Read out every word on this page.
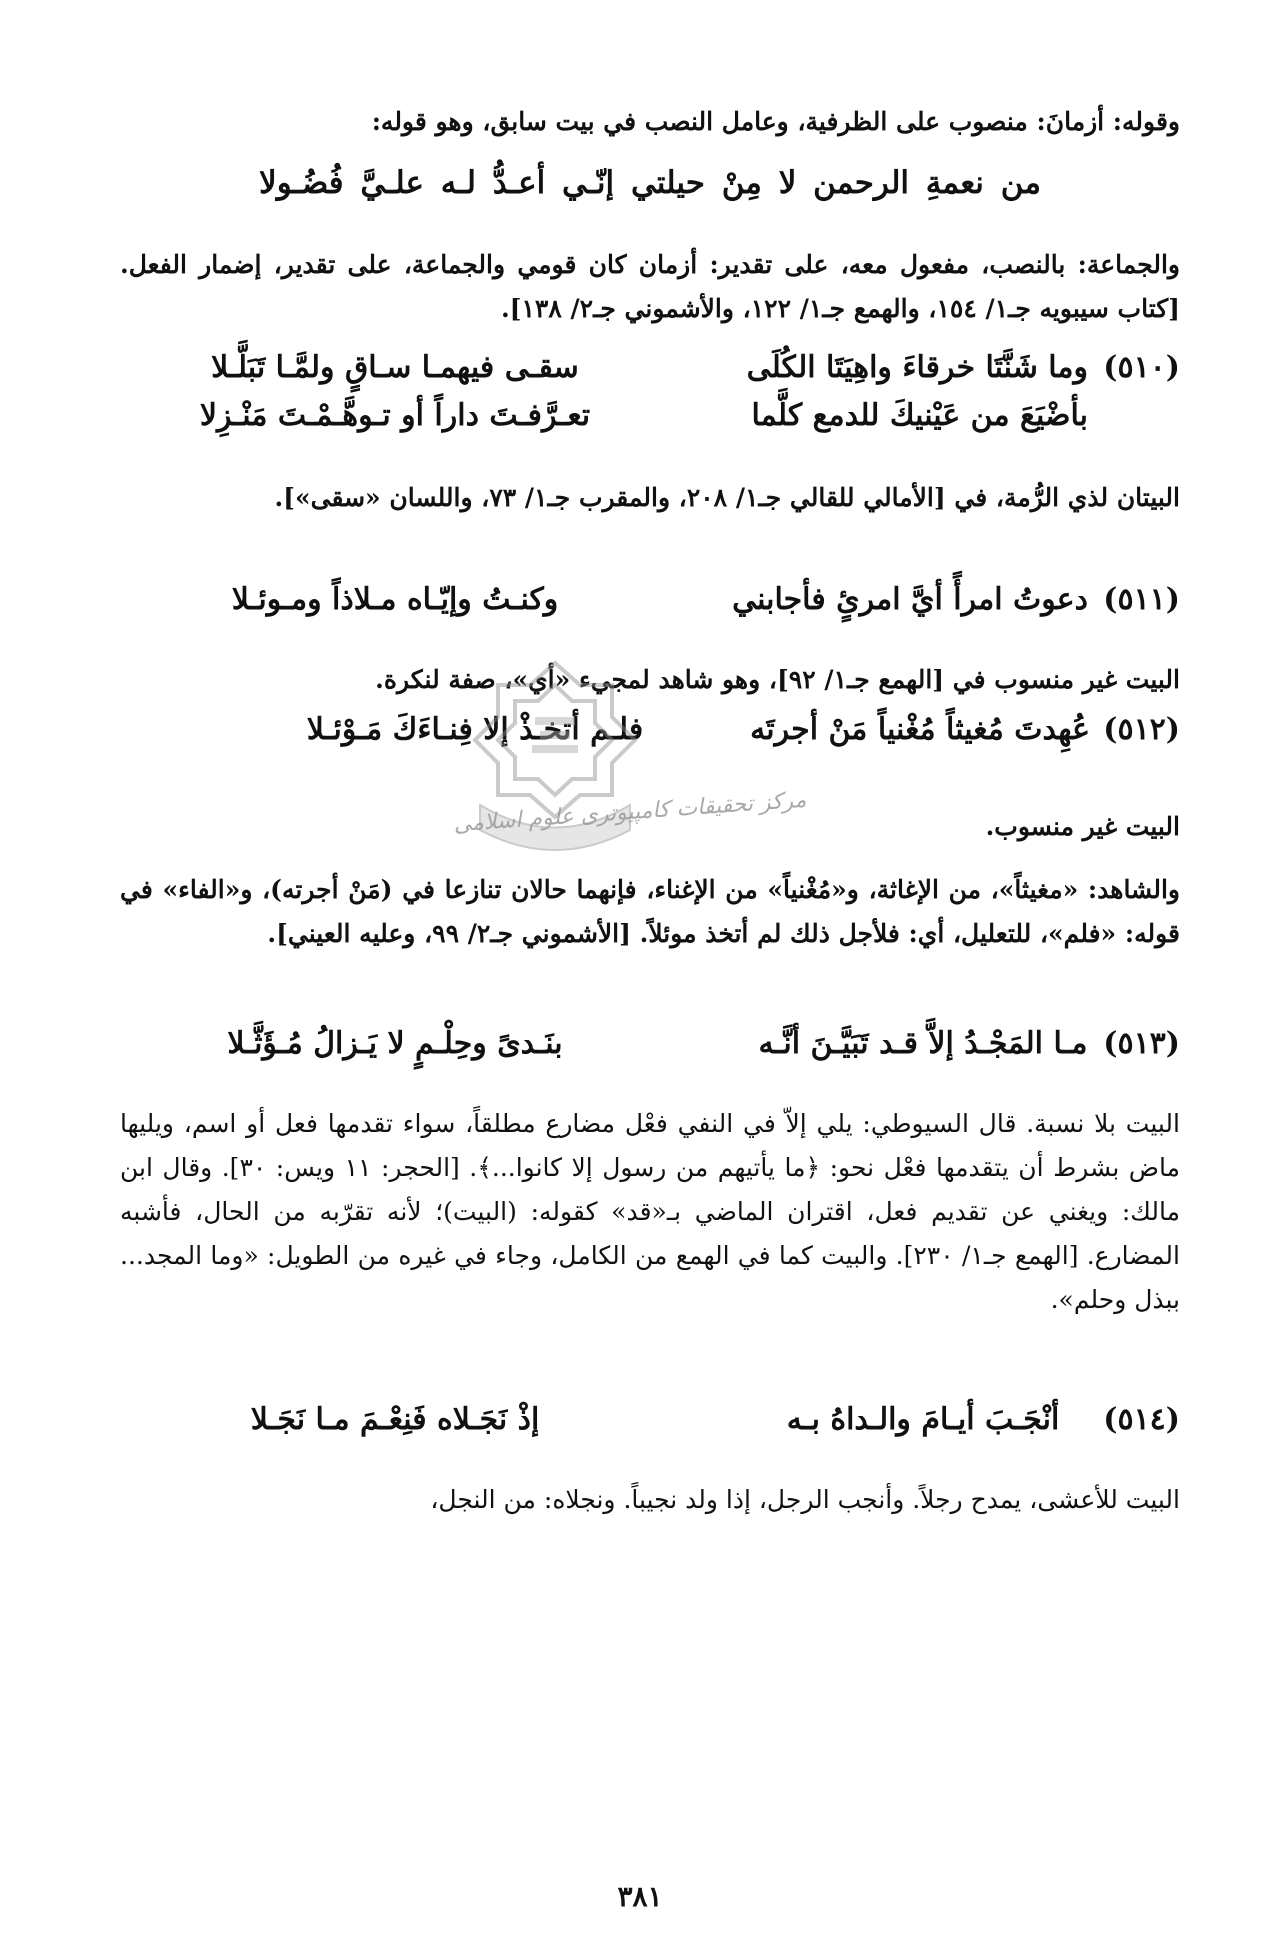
وقوله: أزمانَ: منصوب على الظرفية، وعامل النصب في بيت سابق، وهو قوله:
من نعمةِ الرحمن لا مِنْ حيلتي إنّـي أعـدُّ لـه علـيَّ فُضُـولا
والجماعة: بالنصب، مفعول معه، على تقدير: أزمان كان قومي والجماعة، على تقدير، إضمار الفعل. [كتاب سيبويه جـ١/ ١٥٤، والهمع جـ١/ ١٢٢، والأشموني جـ٢/ ١٣٨].
(٥١٠)
وما شَنَّتَا خرقاءَ واهِيَتَا الكُلَى
سقـى فيهمـا سـاقٍ ولمَّـا تَبَلَّـلا
بأضْيَعَ من عَيْنيكَ للدمع كلَّما
تعـرَّفـتَ داراً أو تـوهَّـمْـتَ مَنْـزِلا
البيتان لذي الرُّمة، في [الأمالي للقالي جـ١/ ٢٠٨، والمقرب جـ١/ ٧٣، واللسان «سقى»].
(٥١١)
دعوتُ امرأً أيَّ امرئٍ فأجابني
وكنـتُ وإيّـاه مـلاذاً ومـوئـلا
البيت غير منسوب في [الهمع جـ١/ ٩٢]، وهو شاهد لمجيء «أي»، صفة لنكرة.
(٥١٢)
عُهِدتَ مُغيثاً مُغْنياً مَنْ أجرتَه
فلـم أتخـذْ إلا فِنـاءَكَ مَـوْئـلا
البيت غير منسوب.
والشاهد: «مغيثاً»، من الإغاثة، و«مُغْنياً» من الإغناء، فإنهما حالان تنازعا في (مَنْ أجرته)، و«الفاء» في قوله: «فلم»، للتعليل، أي: فلأجل ذلك لم أتخذ موئلاً. [الأشموني جـ٢/ ٩٩، وعليه العيني].
(٥١٣)
مـا المَجْـدُ إلاَّ قـد تَبَيَّـنَ أنَّـه
بنَـدىً وحِلْـمٍ لا يَـزالُ مُـؤَثَّـلا
البيت بلا نسبة. قال السيوطي: يلي إلاّ في النفي فعْل مضارع مطلقاً، سواء تقدمها فعل أو اسم، ويليها ماض بشرط أن يتقدمها فعْل نحو: ﴿ما يأتيهم من رسول إلا كانوا...﴾. [الحجر: ١١ ويس: ٣٠]. وقال ابن مالك: ويغني عن تقديم فعل، اقتران الماضي بـ«قد» كقوله: (البيت)؛ لأنه تقرّبه من الحال، فأشبه المضارع. [الهمع جـ١/ ٢٣٠]. والبيت كما في الهمع من الكامل، وجاء في غيره من الطويل: «وما المجد... ببذل وحلم».
(٥١٤)
أنْجَـبَ أيـامَ والـداهُ بـه
إذْ نَجَـلاه فَنِعْـمَ مـا نَجَـلا
البيت للأعشى، يمدح رجلاً. وأنجب الرجل، إذا ولد نجيباً. ونجلاه: من النجل،
٣٨١
مرکز تحقیقات کامپیوتری علوم اسلامی
